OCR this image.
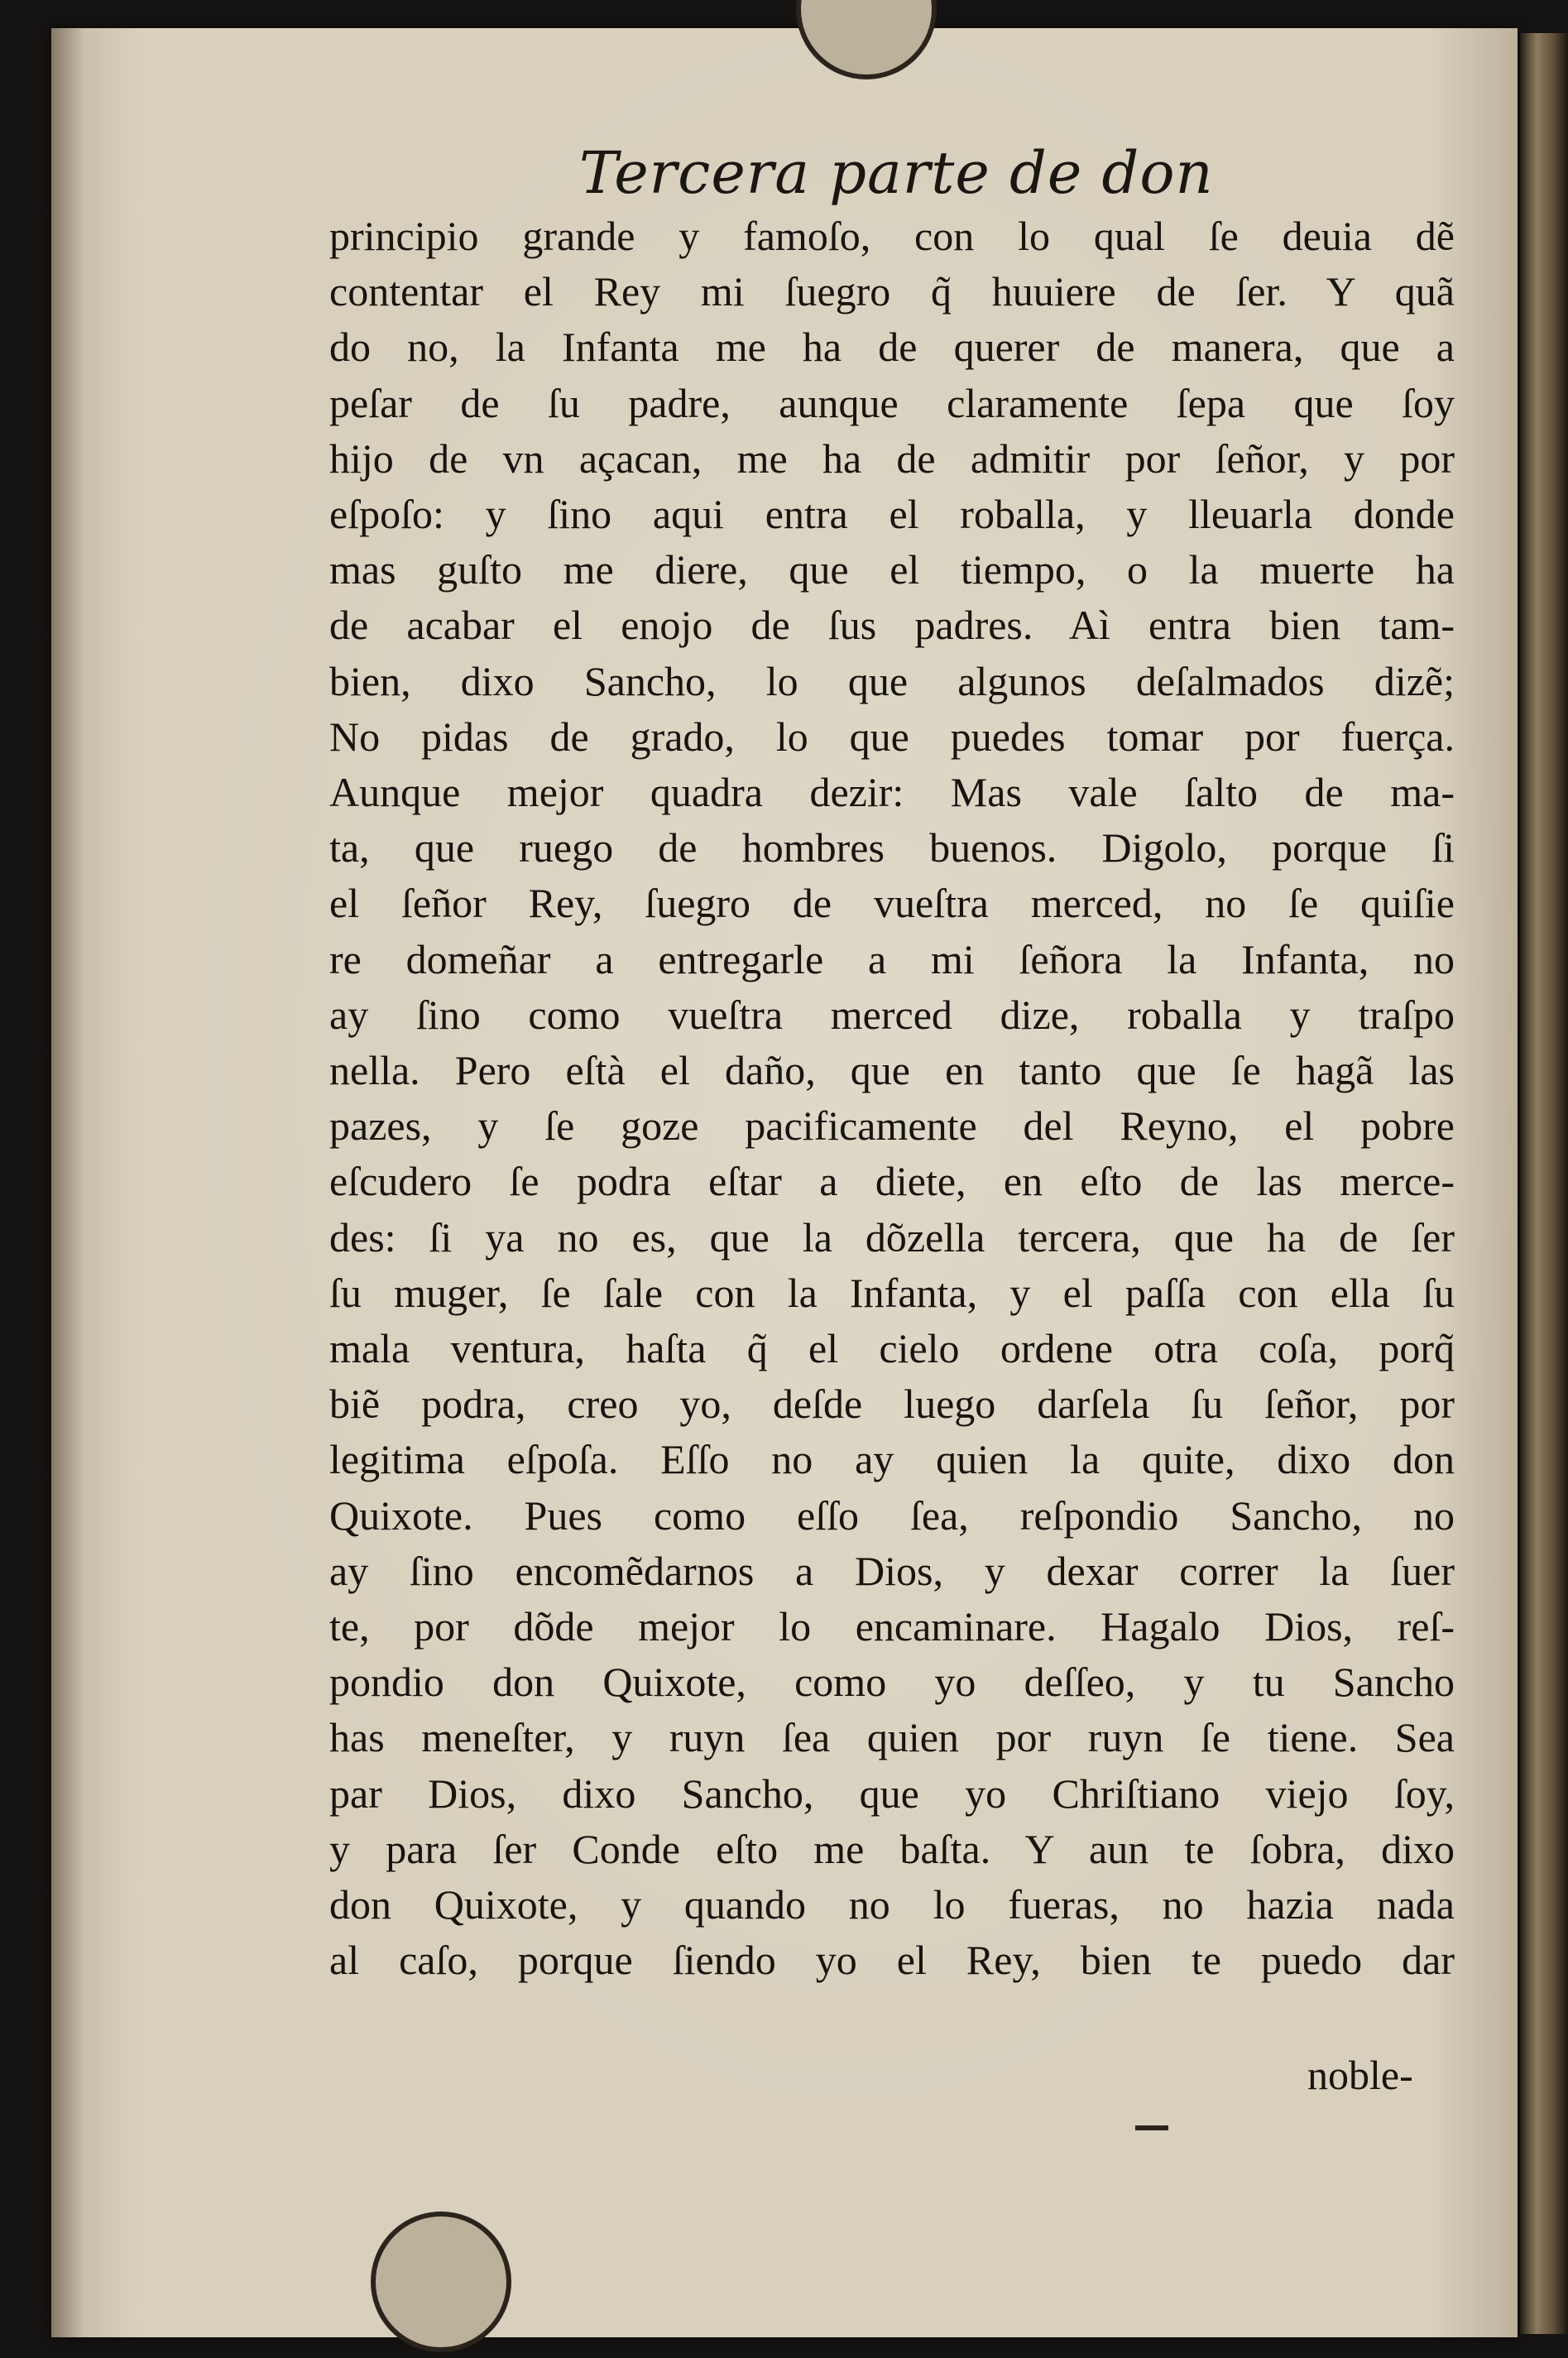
Tercera parte de don
principio grande y famoſo, con lo qual ſe deuia dẽ
contentar el Rey mi ſuegro q̃ huuiere de ſer. Y quã
do no, la Infanta me ha de querer de manera, que a
peſar de ſu padre, aunque claramente ſepa que ſoy
hijo de vn açacan, me ha de admitir por ſeñor, y por
eſpoſo: y ſino aqui entra el roballa, y lleuarla donde
mas guſto me diere, que el tiempo, o la muerte ha
de acabar el enojo de ſus padres. Aì entra bien tam-
bien, dixo Sancho, lo que algunos deſalmados dizẽ;
No pidas de grado, lo que puedes tomar por fuerça.
Aunque mejor quadra dezir: Mas vale ſalto de ma-
ta, que ruego de hombres buenos. Digolo, porque ſi
el ſeñor Rey, ſuegro de vueſtra merced, no ſe quiſie
re domeñar a entregarle a mi ſeñora la Infanta, no
ay ſino como vueſtra merced dize, roballa y traſpo
nella. Pero eſtà el daño, que en tanto que ſe hagã las
pazes, y ſe goze pacificamente del Reyno, el pobre
eſcudero ſe podra eſtar a diete, en eſto de las merce-
des: ſi ya no es, que la dõzella tercera, que ha de ſer
ſu muger, ſe ſale con la Infanta, y el paſſa con ella ſu
mala ventura, haſta q̃ el cielo ordene otra coſa, porq̃
biẽ podra, creo yo, deſde luego darſela ſu ſeñor, por
legitima eſpoſa. Eſſo no ay quien la quite, dixo don
Quixote. Pues como eſſo ſea, reſpondio Sancho, no
ay ſino encomẽdarnos a Dios, y dexar correr la ſuer
te, por dõde mejor lo encaminare. Hagalo Dios, reſ-
pondio don Quixote, como yo deſſeo, y tu Sancho
has meneſter, y ruyn ſea quien por ruyn ſe tiene. Sea
par Dios, dixo Sancho, que yo Chriſtiano viejo ſoy,
y para ſer Conde eſto me baſta. Y aun te ſobra, dixo
don Quixote, y quando no lo fueras, no hazia nada
al caſo, porque ſiendo yo el Rey, bien te puedo dar
noble-
